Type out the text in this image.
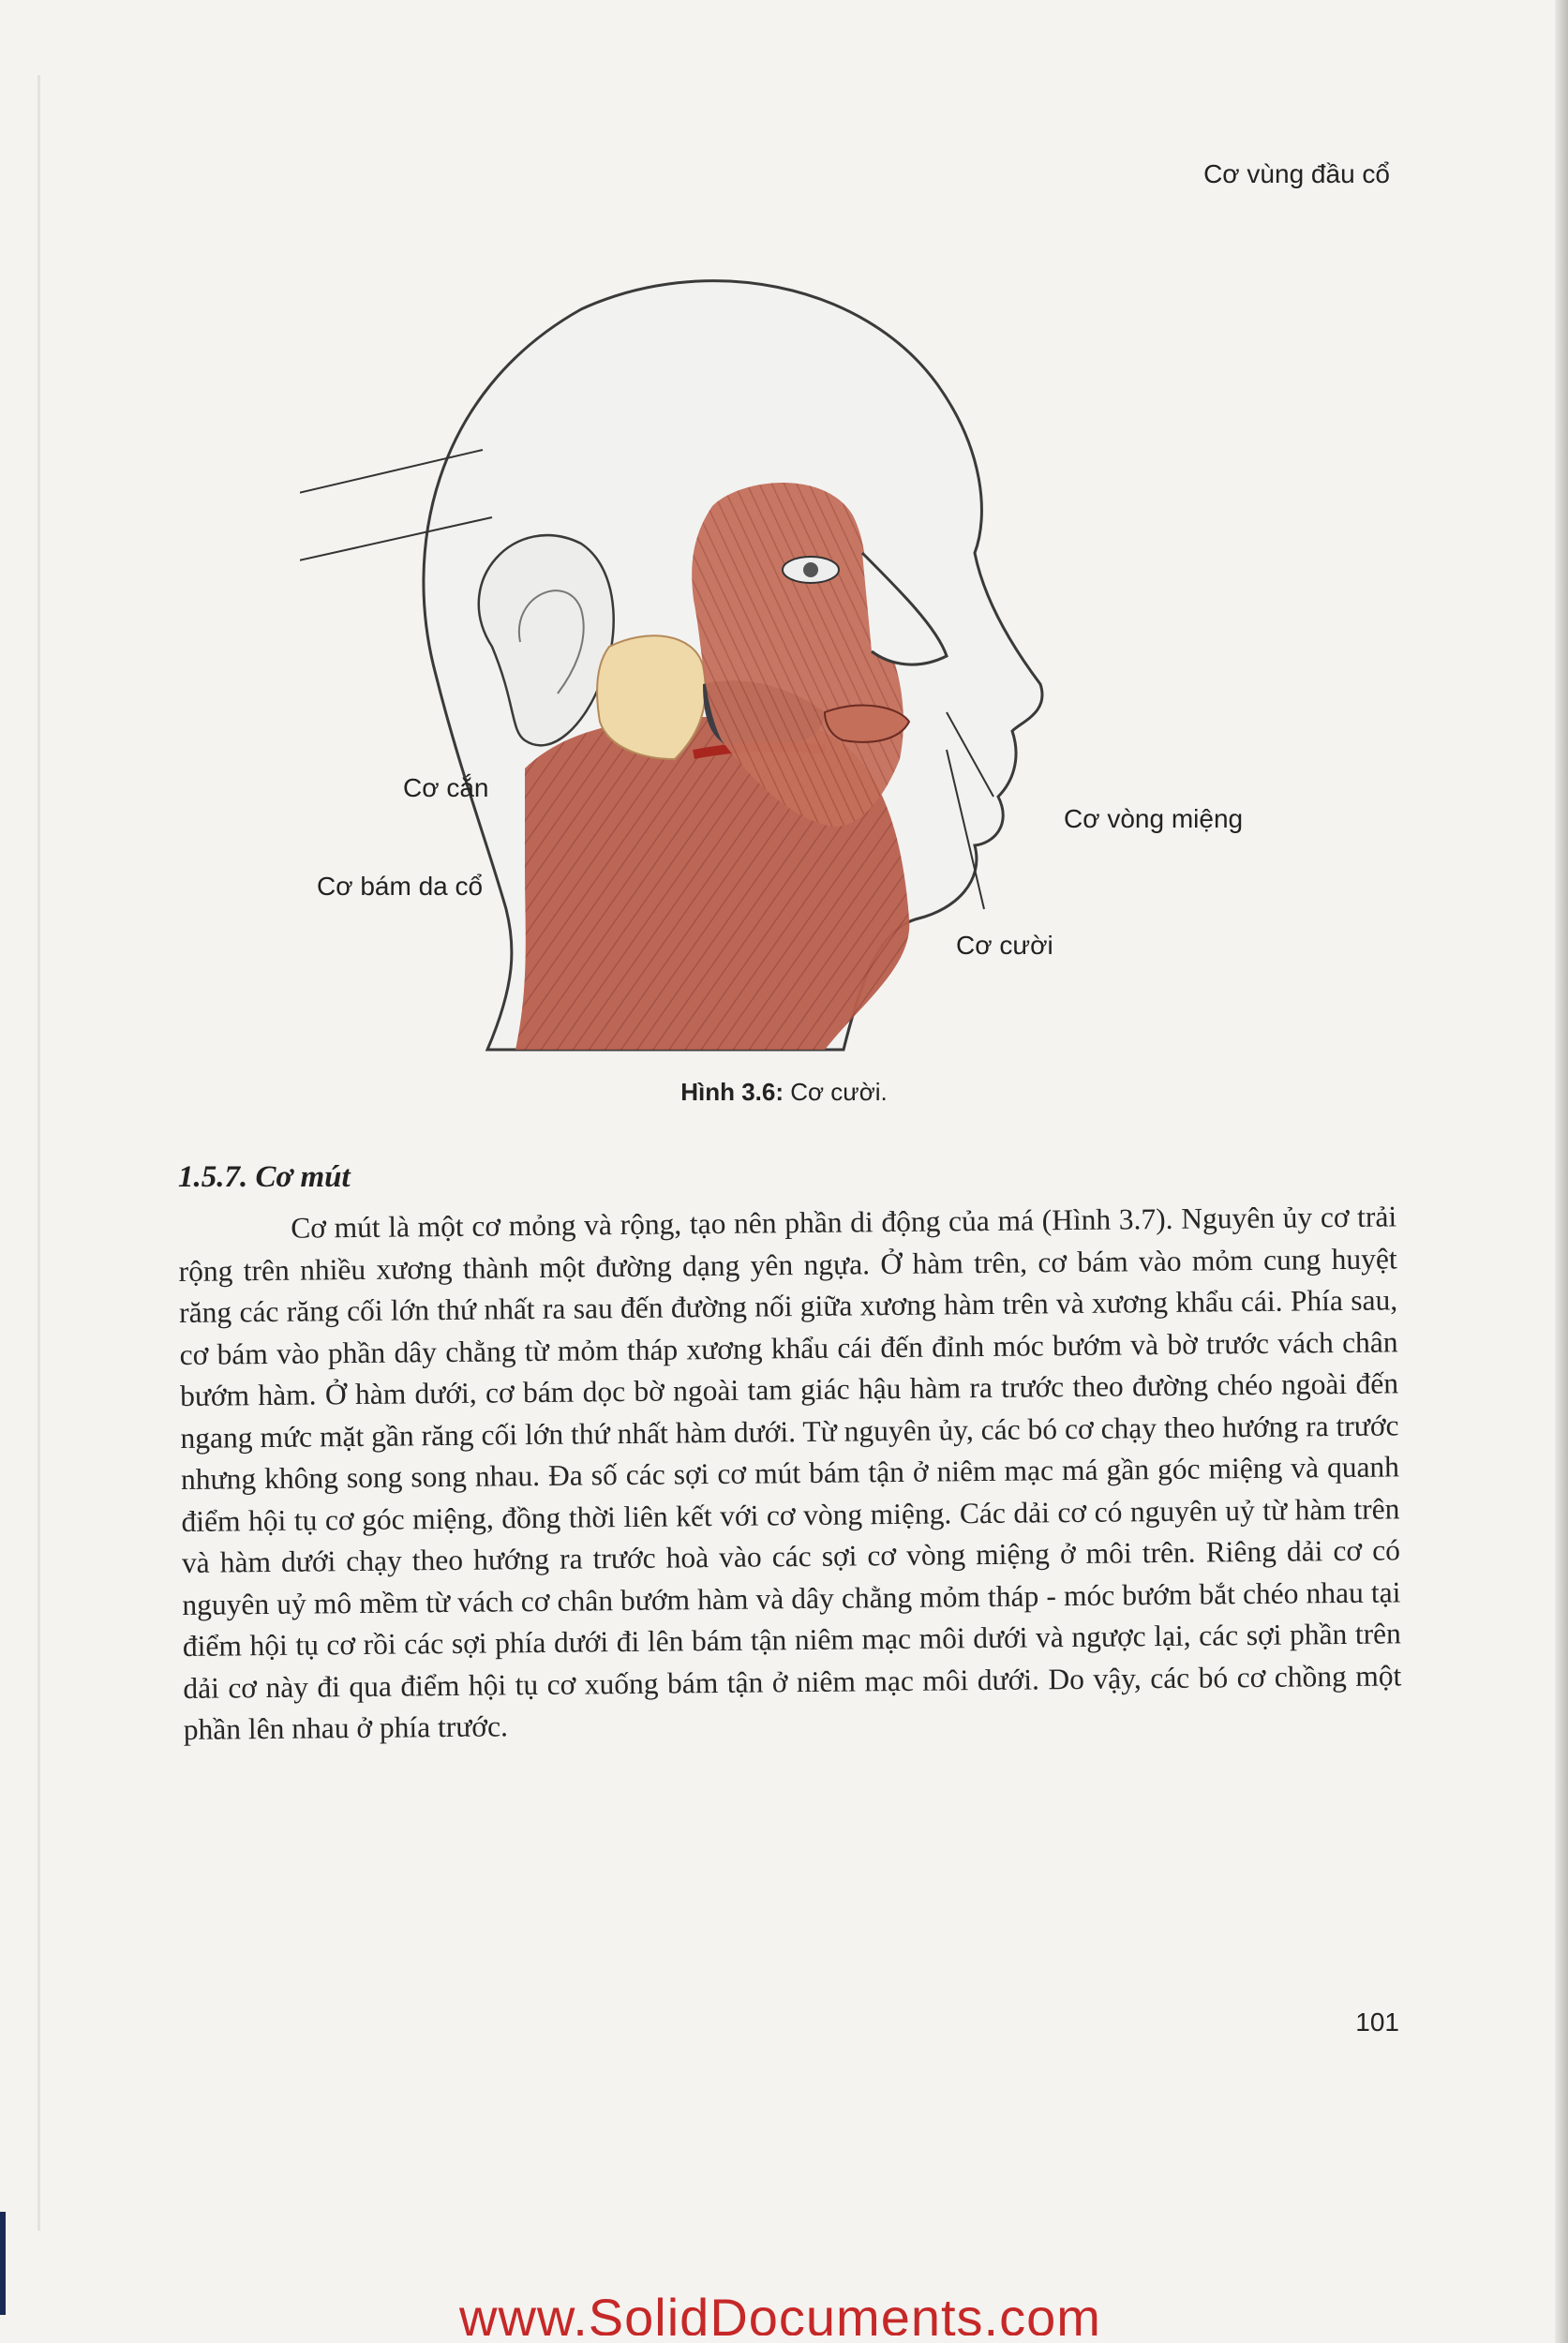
Cơ vùng đầu cổ
Cơ cắn
Cơ bám da cổ
Cơ vòng miệng
Cơ cười
Hình 3.6: Cơ cười.
1.5.7. Cơ mút

Cơ mút là một cơ mỏng và rộng, tạo nên phần di động của má (Hình 3.7). Nguyên ủy cơ trải rộng trên nhiều xương thành một đường dạng yên ngựa. Ở hàm trên, cơ bám vào mỏm cung huyệt răng các răng cối lớn thứ nhất ra sau đến đường nối giữa xương hàm trên và xương khẩu cái. Phía sau, cơ bám vào phần dây chằng từ mỏm tháp xương khẩu cái đến đỉnh móc bướm và bờ trước vách chân bướm hàm. Ở hàm dưới, cơ bám dọc bờ ngoài tam giác hậu hàm ra trước theo đường chéo ngoài đến ngang mức mặt gần răng cối lớn thứ nhất hàm dưới. Từ nguyên ủy, các bó cơ chạy theo hướng ra trước nhưng không song song nhau. Đa số các sợi cơ mút bám tận ở niêm mạc má gần góc miệng và quanh điểm hội tụ cơ góc miệng, đồng thời liên kết với cơ vòng miệng. Các dải cơ có nguyên uỷ từ hàm trên và hàm dưới chạy theo hướng ra trước hoà vào các sợi cơ vòng miệng ở môi trên. Riêng dải cơ có nguyên uỷ mô mềm từ vách cơ chân bướm hàm và dây chằng mỏm tháp - móc bướm bắt chéo nhau tại điểm hội tụ cơ rồi các sợi phía dưới đi lên bám tận niêm mạc môi dưới và ngược lại, các sợi phần trên dải cơ này đi qua điểm hội tụ cơ xuống bám tận ở niêm mạc môi dưới. Do vậy, các bó cơ chồng một phần lên nhau ở phía trước.

101
www.SolidDocuments.com
